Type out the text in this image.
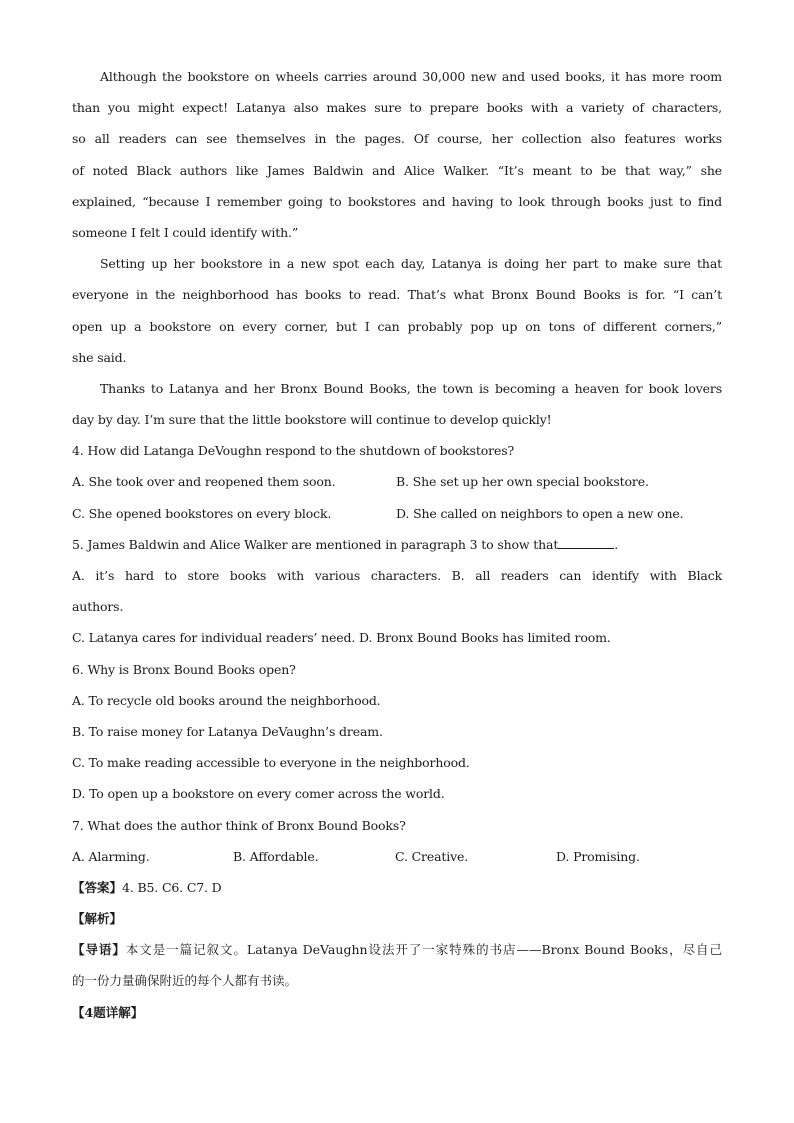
Although the bookstore on wheels carries around 30,000 new and used books, it has more room
than you might expect! Latanya also makes sure to prepare books with a variety of characters,
so all readers can see themselves in the pages. Of course, her collection also features works
of noted Black authors like James Baldwin and Alice Walker. “It’s meant to be that way,” she
explained, “because I remember going to bookstores and having to look through books just to find
someone I felt I could identify with.”
Setting up her bookstore in a new spot each day, Latanya is doing her part to make sure that
everyone in the neighborhood has books to read. That’s what Bronx Bound Books is for. “I can’t
open up a bookstore on every corner, but I can probably pop up on tons of different corners,”
she said.
Thanks to Latanya and her Bronx Bound Books, the town is becoming a heaven for book lovers
day by day. I’m sure that the little bookstore will continue to develop quickly!
4. How did Latanga DeVoughn respond to the shutdown of bookstores?
A. She took over and reopened them soon.	B. She set up her own special bookstore.
C. She opened bookstores on every block.	D. She called on neighbors to open a new one.
5. James Baldwin and Alice Walker are mentioned in paragraph 3 to show that	.
A. it’s hard to store books with various characters. B. all readers can identify with Black
authors.
C. Latanya cares for individual readers’ need. D. Bronx Bound Books has limited room.
6. Why is Bronx Bound Books open?
A. To recycle old books around the neighborhood.
B. To raise money for Latanya DeVaughn’s dream.
C. To make reading accessible to everyone in the neighborhood.
D. To open up a bookstore on every comer across the world.
7. What does the author think of Bronx Bound Books?
A. Alarming.	B. Affordable.	C. Creative.	D. Promising.
【答案】4. B5. C6. C7. D
【解析】
【导语】本文是一篇记叙文。Latanya DeVaughn设法开了一家特殊的书店——Bronx Bound Books，尽自己
的一份力量确保附近的每个人都有书读。
【4题详解】
